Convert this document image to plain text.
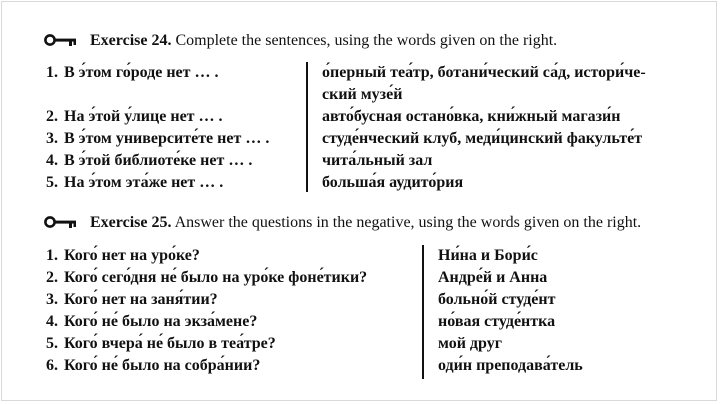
Exercise 24. Complete the sentences, using the words given on the right.
1. В э́том го́роде нет … .
2. На э́той у́лице нет … .
3. В э́том университе́те нет … .
4. В э́той библиоте́ке нет … .
5. На э́том эта́же нет … .
о́перный теа́тр, ботани́ческий са́д, истори́че-
ский музе́й
авто́бусная остано́вка, кни́жный магази́н
студе́нческий клуб, меди́цинский факульте́т
чита́льный зал
больша́я аудито́рия
Exercise 25. Answer the questions in the negative, using the words given on the right.
1. Кого́ нет на уро́ке?
2. Кого́ сего́дня не́ было на уро́ке фоне́тики?
3. Кого́ нет на заня́тии?
4. Кого́ не́ было на экза́мене?
5. Кого́ вчера́ не́ было в теа́тре?
6. Кого́ не́ было на собра́нии?
Ни́на и Бори́с
Андре́й и Анна
больно́й студе́нт
но́вая студе́нтка
мой друг
оди́н преподава́тель
